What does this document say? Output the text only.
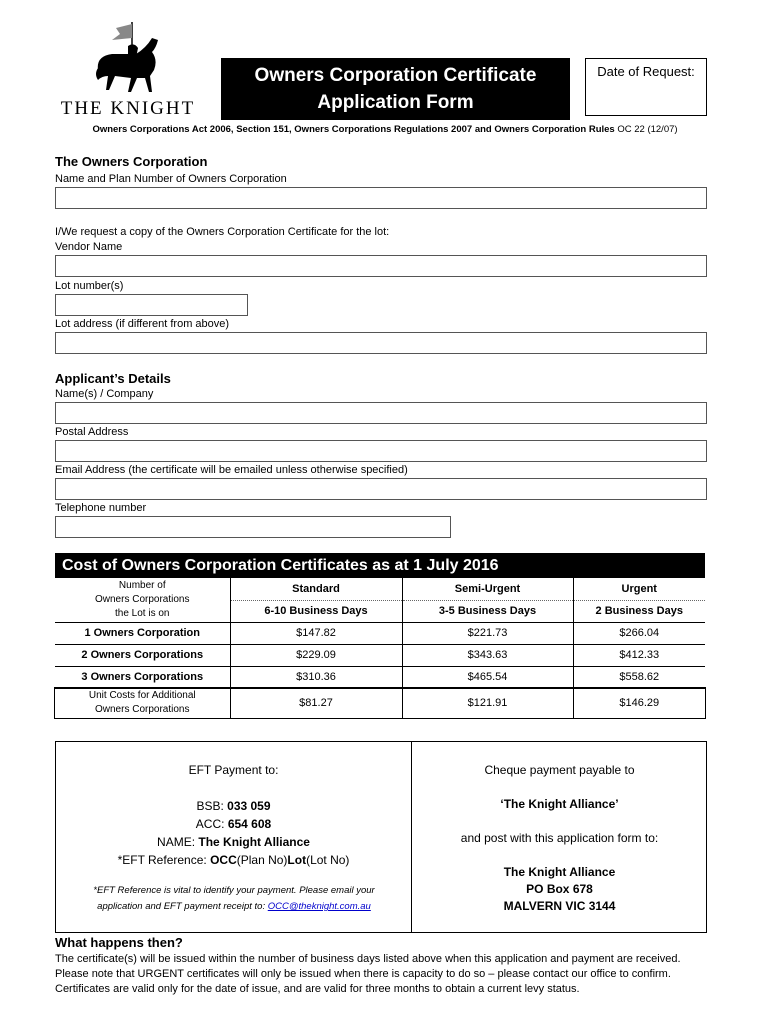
THE KNIGHT
Owners Corporation Certificate
Application Form
Date of Request:
Owners Corporations Act 2006, Section 151, Owners Corporations Regulations 2007 and Owners Corporation Rules OC 22 (12/07)
The Owners Corporation
Name and Plan Number of Owners Corporation
I/We request a copy of the Owners Corporation Certificate for the lot:
Vendor Name
Lot number(s)
Lot address (if different from above)
Applicant’s Details
Name(s) / Company
Postal Address
Email Address (the certificate will be emailed unless otherwise specified)
Telephone number
Cost of Owners Corporation Certificates as at 1 July 2016
Number of
Owners Corporations
the Lot is on	Standard	Semi-Urgent	Urgent
	6-10 Business Days	3-5 Business Days	2 Business Days
1 Owners Corporation	$147.82	$221.73	$266.04
2 Owners Corporations	$229.09	$343.63	$412.33
3 Owners Corporations	$310.36	$465.54	$558.62

Unit Costs for Additional
Owners Corporations	$81.27	$121.91	$146.29
EFT Payment to:
BSB: 033 059
ACC: 654 608
NAME: The Knight Alliance
*EFT Reference: OCC(Plan No)Lot(Lot No)
*EFT Reference is vital to identify your payment. Please email your
application and EFT payment receipt to: OCC@theknight.com.au
Cheque payment payable to
‘The Knight Alliance’
and post with this application form to:
The Knight Alliance
PO Box 678
MALVERN VIC 3144
What happens then?
The certificate(s) will be issued within the number of business days listed above when this application and payment are received.
Please note that URGENT certificates will only be issued when there is capacity to do so – please contact our office to confirm.
Certificates are valid only for the date of issue, and are valid for three months to obtain a current levy status.
